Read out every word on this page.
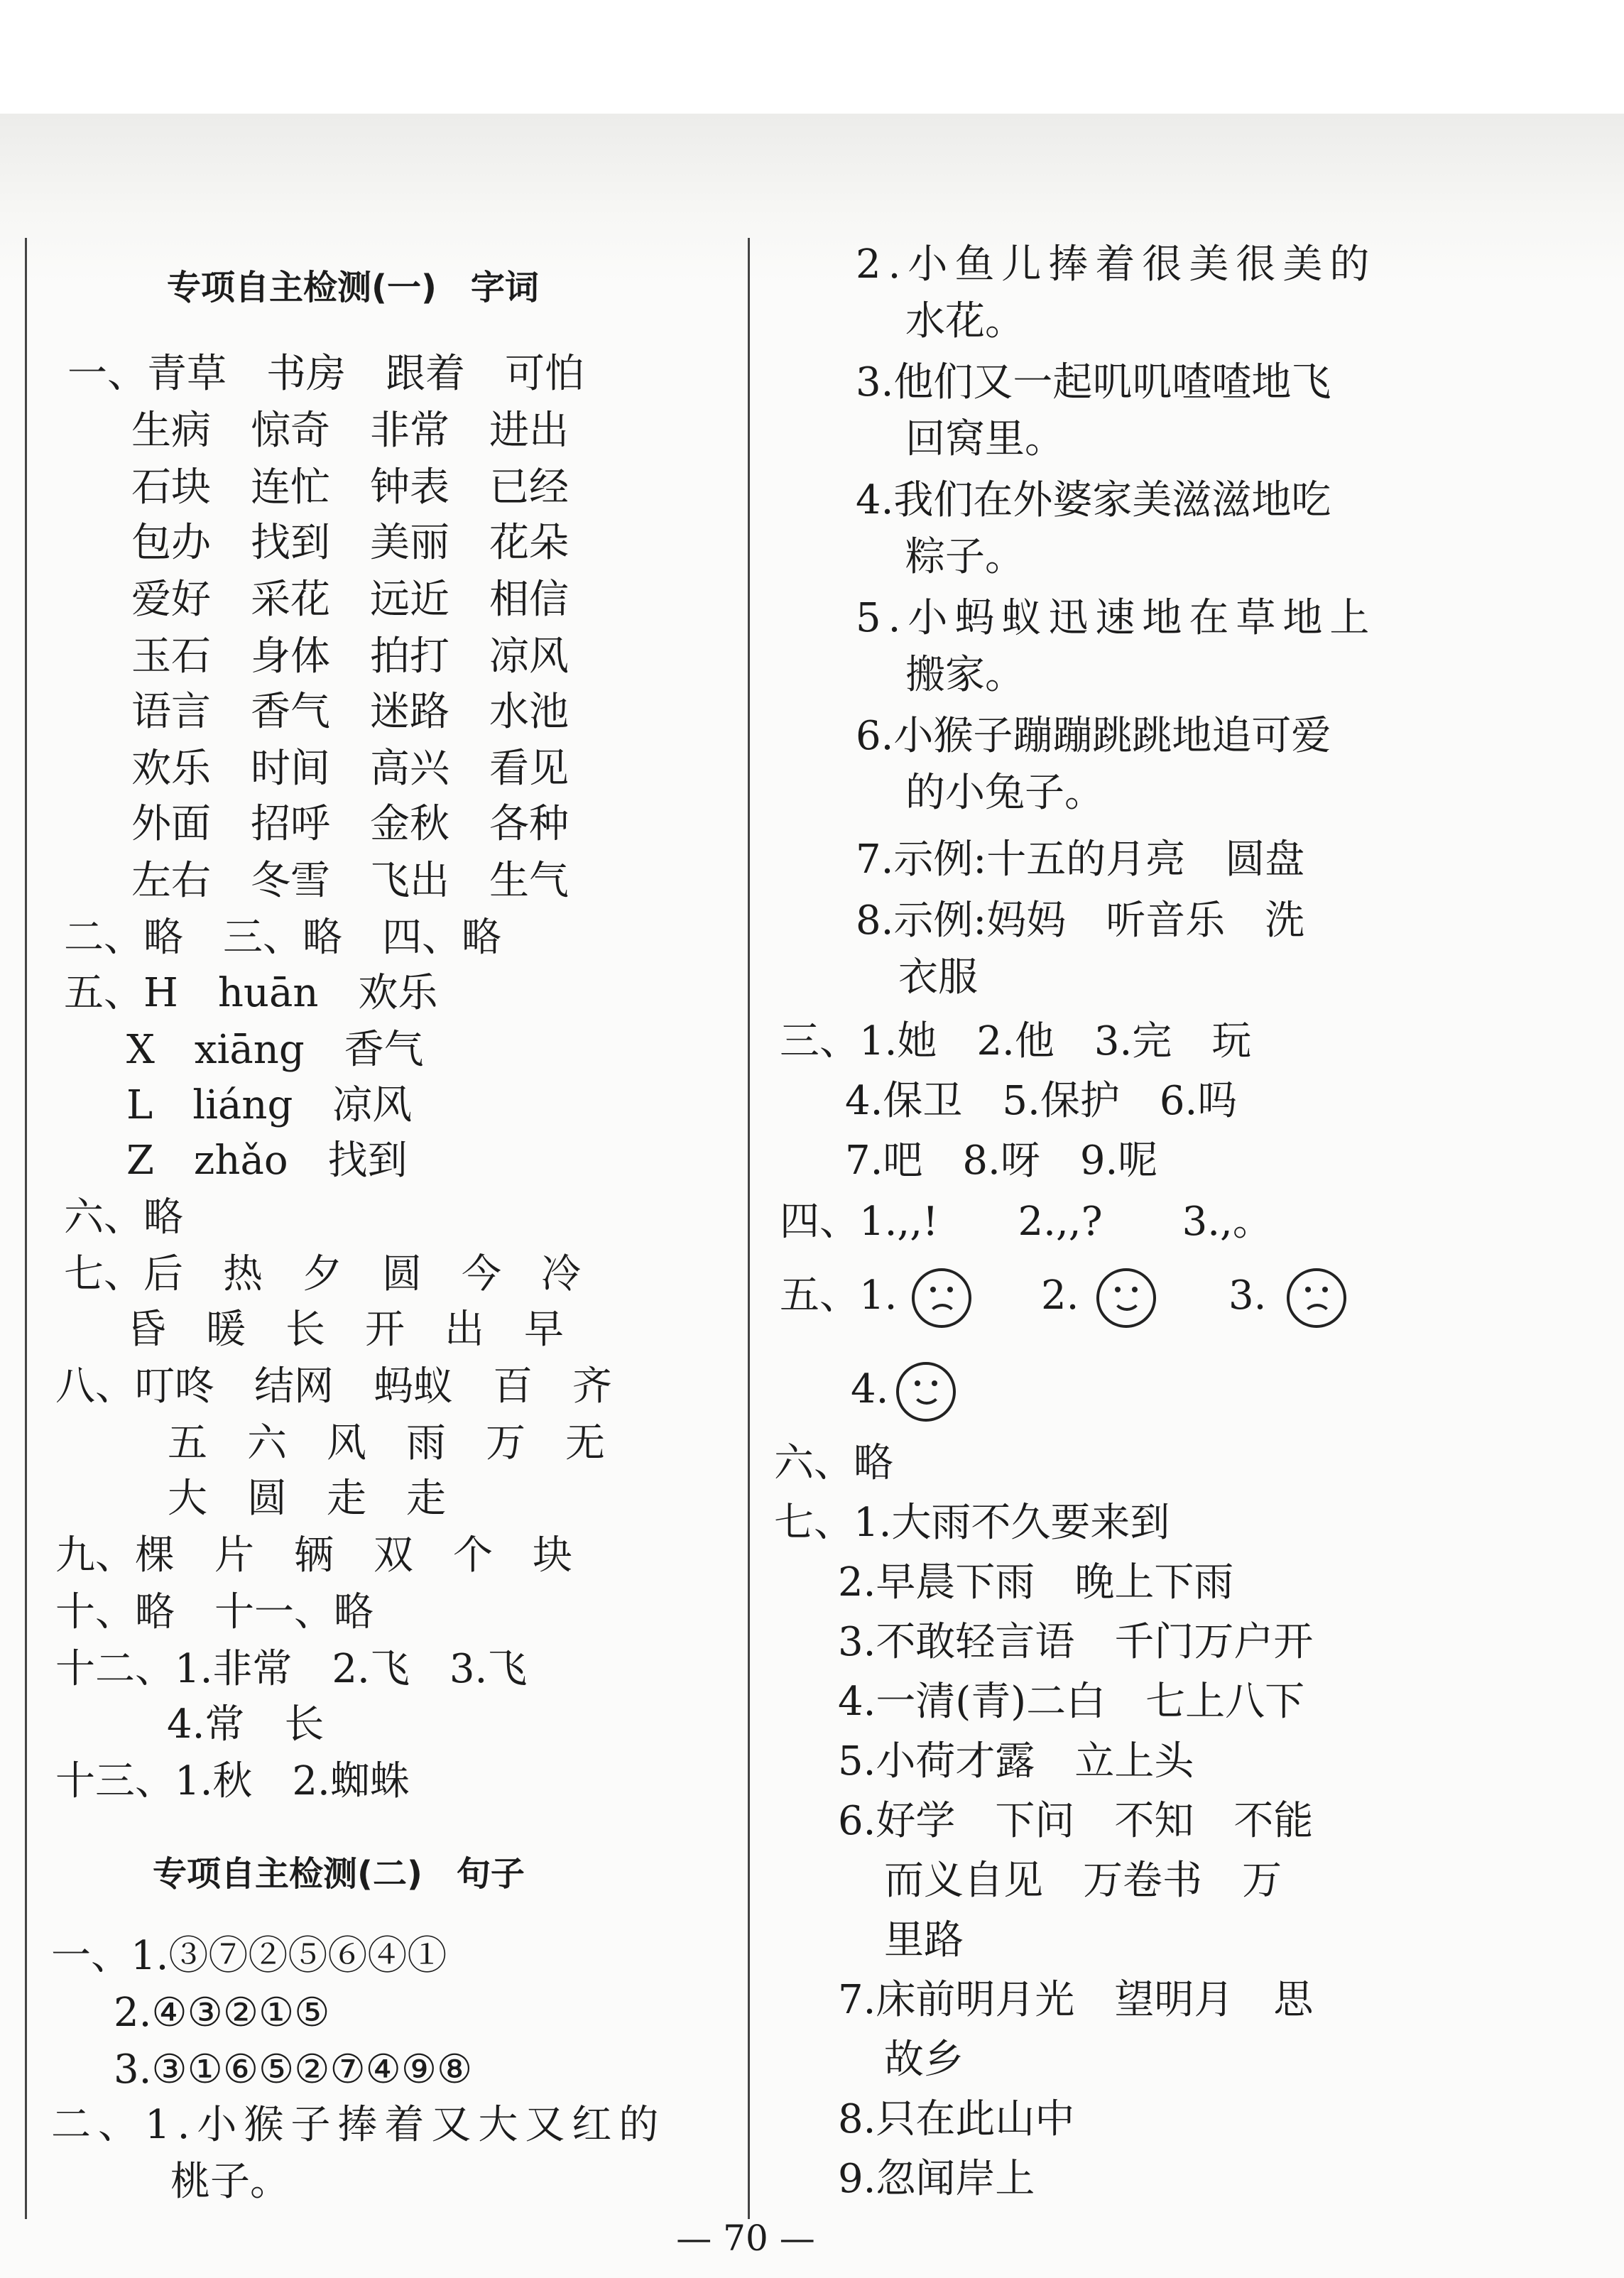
专项自主检测(一)　字词
一、青草　书房　跟着　可怕
生病　惊奇　非常　进出
石块　连忙　钟表　已经
包办　找到　美丽　花朵
爱好　采花　远近　相信
玉石　身体　拍打　凉风
语言　香气　迷路　水池
欢乐　时间　高兴　看见
外面　招呼　金秋　各种
左右　冬雪　飞出　生气
二、略　三、略　四、略
五、H　huān　欢乐
X　xiāng　香气
L　liáng　凉风
Z　zhǎo　找到
六、略
七、后　热　夕　圆　今　冷
昏　暖　长　开　出　早
八、叮咚　结网　蚂蚁　百　齐
五　六　风　雨　万　无
大　圆　走　走
九、棵　片　辆　双　个　块
十、略　十一、略
十二、1.非常　2.飞　3.飞
4.常　长
十三、1.秋　2.蜘蛛
专项自主检测(二)　句子
一、1.③⑦②⑤⑥④①
2.④③②①⑤
3.③①⑥⑤②⑦④⑨⑧
二、1.小猴子捧着又大又红的
桃子。
2.小鱼儿捧着很美很美的
水花。
3.他们又一起叽叽喳喳地飞
回窝里。
4.我们在外婆家美滋滋地吃
粽子。
5.小蚂蚁迅速地在草地上
搬家。
6.小猴子蹦蹦跳跳地追可爱
的小兔子。
7.示例:十五的月亮　圆盘
8.示例:妈妈　听音乐　洗
衣服
三、1.她　2.他　3.完　玩
4.保卫　5.保护　6.吗
7.吧　8.呀　9.呢
四、1.,,!　　2.,,?　　3.,。
五、1.	2.	3.
4.
六、略
七、1.大雨不久要来到
2.早晨下雨　晚上下雨
3.不敢轻言语　千门万户开
4.一清(青)二白　七上八下
5.小荷才露　立上头
6.好学　下问　不知　不能
而义自见　万卷书　万
里路
7.床前明月光　望明月　思
故乡
8.只在此山中
9.忽闻岸上
— 70 —
